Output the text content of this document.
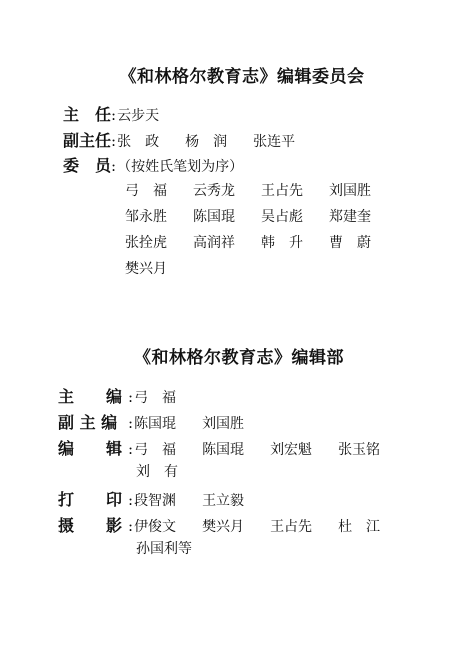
《和林格尔教育志》编辑委员会
主　任 : 云步天
副主任 : 张　政	杨　润	张连平
委　员 : （按姓氏笔划为序）
弓　福 云秀龙 王占先 刘国胜
邹永胜 陈国琨 吴占彪 郑建奎
张拴虎 高润祥 韩　升 曹　蔚
樊兴月
《和林格尔教育志》编辑部
主　　编 : 弓　福
副 主 编 : 陈国琨	刘国胜
编　　辑 : 弓　福	陈国琨	刘宏魁	张玉铭
刘　有
打　　印 : 段智渊	王立毅
摄　　影 : 伊俊文	樊兴月	王占先	杜　江
孙国利等
